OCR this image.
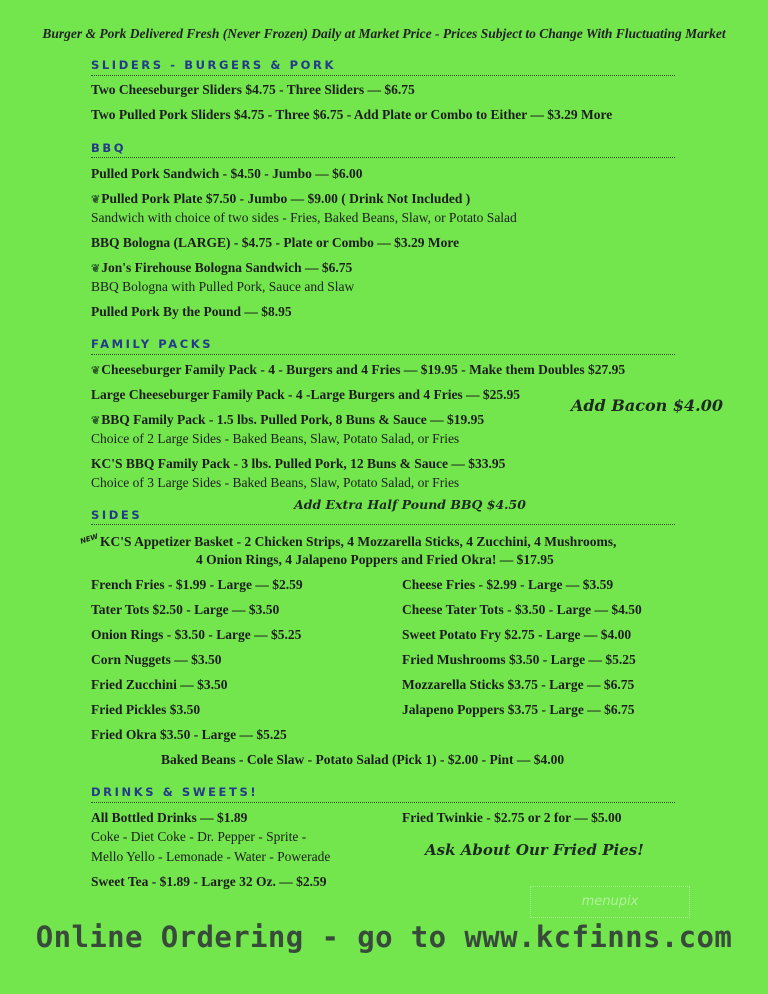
Burger & Pork Delivered Fresh (Never Frozen) Daily at Market Price - Prices Subject to Change With Fluctuating Market
SLIDERS - BURGERS & PORK
Two Cheeseburger Sliders $4.75 - Three Sliders — $6.75
Two Pulled Pork Sliders $4.75 - Three $6.75 - Add Plate or Combo to Either — $3.29 More
BBQ
Pulled Pork Sandwich - $4.50 - Jumbo — $6.00
❦Pulled Pork Plate $7.50 - Jumbo — $9.00 ( Drink Not Included )
Sandwich with choice of two sides - Fries, Baked Beans, Slaw, or Potato Salad
BBQ Bologna (LARGE) - $4.75 - Plate or Combo — $3.29 More
❦Jon's Firehouse Bologna Sandwich — $6.75
BBQ Bologna with Pulled Pork, Sauce and Slaw
Pulled Pork By the Pound — $8.95
FAMILY PACKS
❦Cheeseburger Family Pack - 4 - Burgers and 4 Fries — $19.95 - Make them Doubles $27.95
Large Cheeseburger Family Pack - 4 -Large Burgers and 4 Fries — $25.95
Add Bacon $4.00
❦BBQ Family Pack - 1.5 lbs. Pulled Pork, 8 Buns & Sauce — $19.95
Choice of 2 Large Sides - Baked Beans, Slaw, Potato Salad, or Fries
KC'S BBQ Family Pack - 3 lbs. Pulled Pork, 12 Buns & Sauce — $33.95
Choice of 3 Large Sides - Baked Beans, Slaw, Potato Salad, or Fries
Add Extra Half Pound BBQ $4.50
SIDES
NEW KC'S Appetizer Basket - 2 Chicken Strips, 4 Mozzarella Sticks, 4 Zucchini, 4 Mushrooms,
4 Onion Rings, 4 Jalapeno Poppers and Fried Okra! — $17.95
French Fries - $1.99 - Large — $2.59
Tater Tots $2.50 - Large — $3.50
Onion Rings - $3.50 - Large — $5.25
Corn Nuggets — $3.50
Fried Zucchini — $3.50
Fried Pickles $3.50
Fried Okra $3.50 - Large — $5.25
Cheese Fries - $2.99 - Large — $3.59
Cheese Tater Tots - $3.50 - Large — $4.50
Sweet Potato Fry $2.75 - Large — $4.00
Fried Mushrooms $3.50 - Large — $5.25
Mozzarella Sticks $3.75 - Large — $6.75
Jalapeno Poppers $3.75 - Large — $6.75
Baked Beans - Cole Slaw - Potato Salad (Pick 1) - $2.00 - Pint — $4.00
DRINKS & SWEETS!
All Bottled Drinks — $1.89
Coke - Diet Coke - Dr. Pepper - Sprite -
Mello Yello - Lemonade - Water - Powerade
Sweet Tea - $1.89 - Large 32 Oz. — $2.59
Fried Twinkie - $2.75 or 2 for — $5.00
Ask About Our Fried Pies!
menupix
Online Ordering - go to www.kcfinns.com
